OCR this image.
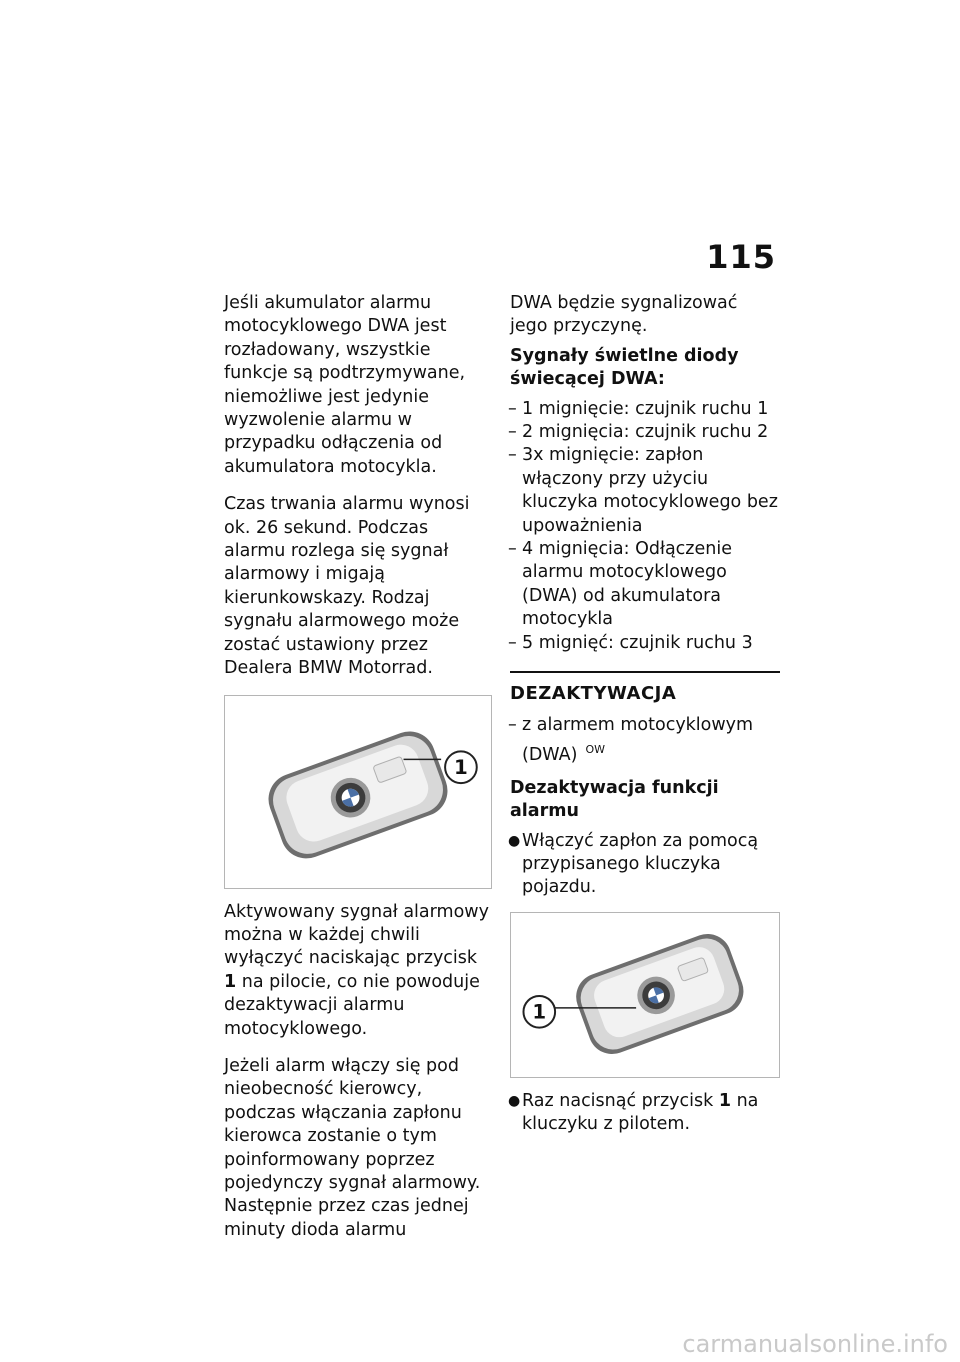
115

Jeśli akumulator alarmu motocyklowego DWA jest rozładowany, wszystkie funkcje są podtrzymywane, niemożliwe jest jedynie wyzwolenie alarmu w przypadku odłączenia od akumulatora motocykla.

Czas trwania alarmu wynosi ok. 26 sekund. Podczas alarmu rozlega się sygnał alarmowy i migają kierunkowskazy. Rodzaj sygnału alarmowego może zostać ustawiony przez Dealera BMW Motorrad.

1

Aktywowany sygnał alarmowy można w każdej chwili wyłączyć naciskając przycisk 1 na pilocie, co nie powoduje dezaktywacji alarmu motocyklowego.

Jeżeli alarm włączy się pod nieobecność kierowcy, podczas włączania zapłonu kierowca zostanie o tym poinformowany poprzez pojedynczy sygnał alarmowy. Następnie przez czas jednej minuty dioda alarmu

DWA będzie sygnalizować jego przyczynę.

Sygnały świetlne diody świecącej DWA:
– 1 mignięcie: czujnik ruchu 1
– 2 mignięcia: czujnik ruchu 2
– 3x mignięcie: zapłon włączony przy użyciu kluczyka motocyklowego bez upoważnienia
– 4 mignięcia: Odłączenie alarmu motocyklowego (DWA) od akumulatora motocykla
– 5 mignięć: czujnik ruchu 3
DEZAKTYWACJA
– z alarmem motocyklowym (DWA) $^{OW}$
Dezaktywacja funkcji alarmu
● Włączyć zapłon za pomocą przypisanego kluczyka pojazdu.
1
● Raz nacisnąć przycisk 1 na kluczyku z pilotem.
carmanualsonline.info
